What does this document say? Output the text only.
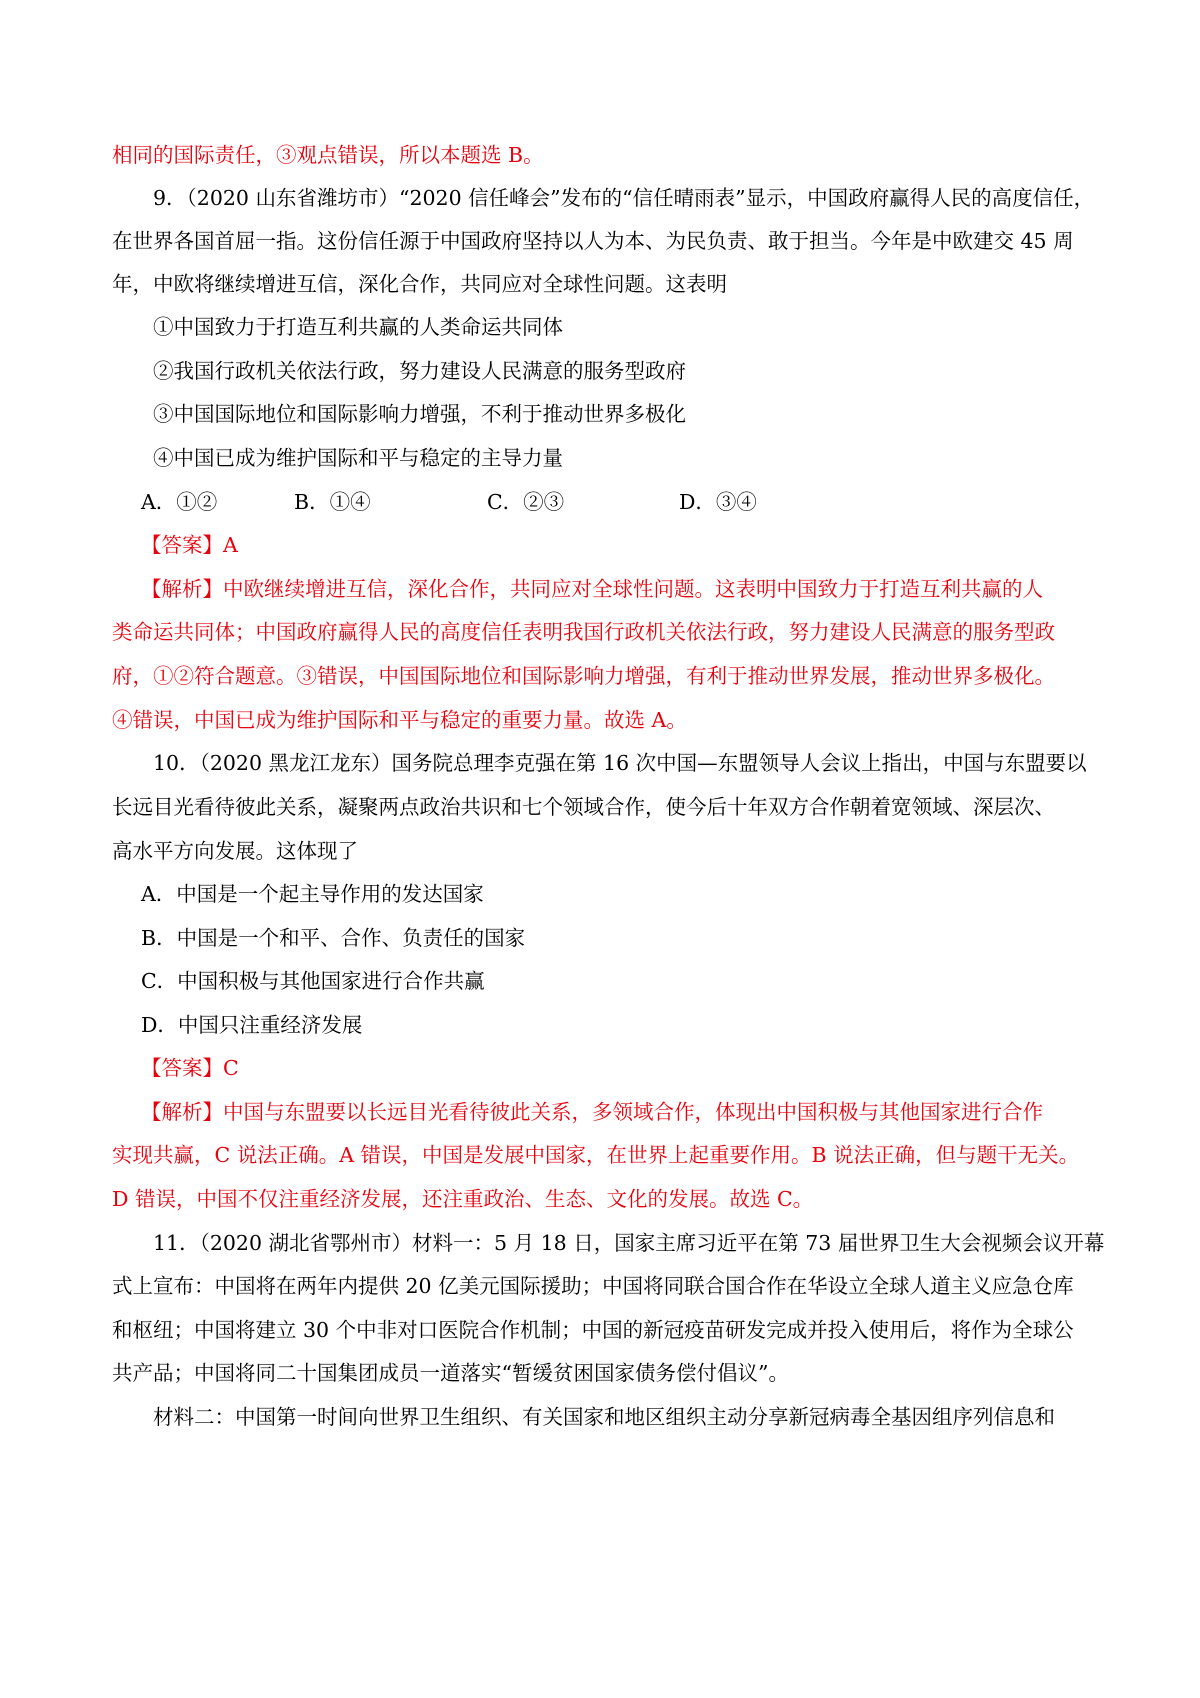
相同的国际责任，③观点错误，所以本题选 B。
9．（2020 山东省潍坊市）“2020 信任峰会”发布的“信任晴雨表”显示，中国政府赢得人民的高度信任，
在世界各国首屈一指。这份信任源于中国政府坚持以人为本、为民负责、敢于担当。今年是中欧建交 45 周
年，中欧将继续增进互信，深化合作，共同应对全球性问题。这表明
①中国致力于打造互利共赢的人类命运共同体
②我国行政机关依法行政，努力建设人民满意的服务型政府
③中国国际地位和国际影响力增强，不利于推动世界多极化
④中国已成为维护国际和平与稳定的主导力量
A．①②	B．①④	C．②③	D．③④
【答案】A
【解析】中欧继续增进互信，深化合作，共同应对全球性问题。这表明中国致力于打造互利共赢的人
类命运共同体；中国政府赢得人民的高度信任表明我国行政机关依法行政，努力建设人民满意的服务型政
府，①②符合题意。③错误，中国国际地位和国际影响力增强，有利于推动世界发展，推动世界多极化。
④错误，中国已成为维护国际和平与稳定的重要力量。故选 A。
10．（2020 黑龙江龙东）国务院总理李克强在第 16 次中国—东盟领导人会议上指出，中国与东盟要以
长远目光看待彼此关系，凝聚两点政治共识和七个领域合作，使今后十年双方合作朝着宽领域、深层次、
高水平方向发展。这体现了
A．中国是一个起主导作用的发达国家
B．中国是一个和平、合作、负责任的国家
C．中国积极与其他国家进行合作共赢
D．中国只注重经济发展
【答案】C
【解析】中国与东盟要以长远目光看待彼此关系，多领域合作，体现出中国积极与其他国家进行合作
实现共赢，C 说法正确。A 错误，中国是发展中国家，在世界上起重要作用。B 说法正确，但与题干无关。
D 错误，中国不仅注重经济发展，还注重政治、生态、文化的发展。故选 C。
11．（2020 湖北省鄂州市）材料一：5 月 18 日，国家主席习近平在第 73 届世界卫生大会视频会议开幕
式上宣布：中国将在两年内提供 20 亿美元国际援助；中国将同联合国合作在华设立全球人道主义应急仓库
和枢纽；中国将建立 30 个中非对口医院合作机制；中国的新冠疫苗研发完成并投入使用后，将作为全球公
共产品；中国将同二十国集团成员一道落实“暂缓贫困国家债务偿付倡议”。
材料二：中国第一时间向世界卫生组织、有关国家和地区组织主动分享新冠病毒全基因组序列信息和
